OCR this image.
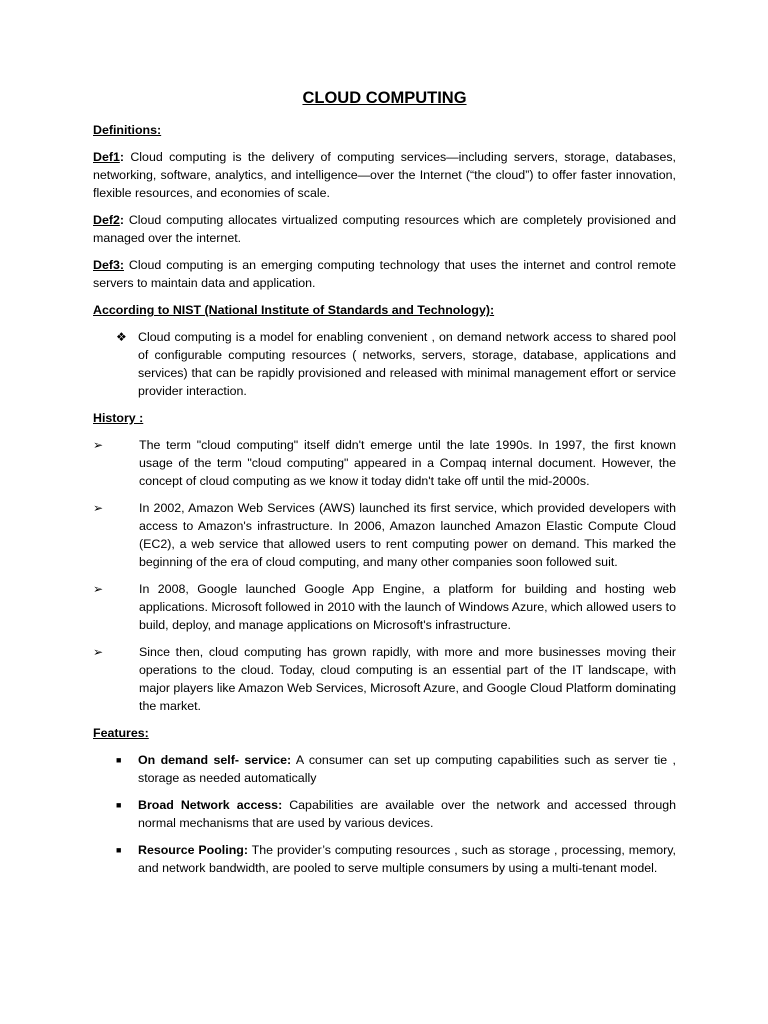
CLOUD COMPUTING
Definitions:

Def1: Cloud computing is the delivery of computing services—including servers, storage, databases, networking, software, analytics, and intelligence—over the Internet (“the cloud”) to offer faster innovation, flexible resources, and economies of scale.

Def2: Cloud computing allocates virtualized computing resources which are completely provisioned and managed over the internet.

Def3: Cloud computing is an emerging computing technology that uses the internet and control remote servers to maintain data and application.

According to NIST (National Institute of Standards and Technology):
❖ Cloud computing is a model for enabling convenient , on demand network access to shared pool of configurable computing resources ( networks, servers, storage, database, applications and services) that can be rapidly provisioned and released with minimal management effort or service provider interaction.
History :
➢	The term "cloud computing" itself didn't emerge until the late 1990s. In 1997, the first known usage of the term "cloud computing" appeared in a Compaq internal document. However, the concept of cloud computing as we know it today didn't take off until the mid-2000s.
➢	In 2002, Amazon Web Services (AWS) launched its first service, which provided developers with access to Amazon's infrastructure. In 2006, Amazon launched Amazon Elastic Compute Cloud (EC2), a web service that allowed users to rent computing power on demand. This marked the beginning of the era of cloud computing, and many other companies soon followed suit.
➢	In 2008, Google launched Google App Engine, a platform for building and hosting web applications. Microsoft followed in 2010 with the launch of Windows Azure, which allowed users to build, deploy, and manage applications on Microsoft's infrastructure.
➢	Since then, cloud computing has grown rapidly, with more and more businesses moving their operations to the cloud. Today, cloud computing is an essential part of the IT landscape, with major players like Amazon Web Services, Microsoft Azure, and Google Cloud Platform dominating the market.
Features:
■	On demand self- service: A consumer can set up computing capabilities such as server tie , storage as needed automatically
■	Broad Network access: Capabilities are available over the network and accessed through normal mechanisms that are used by various devices.
■	Resource Pooling: The provider’s computing resources , such as storage , processing, memory, and network bandwidth, are pooled to serve multiple consumers by using a multi-tenant model.
